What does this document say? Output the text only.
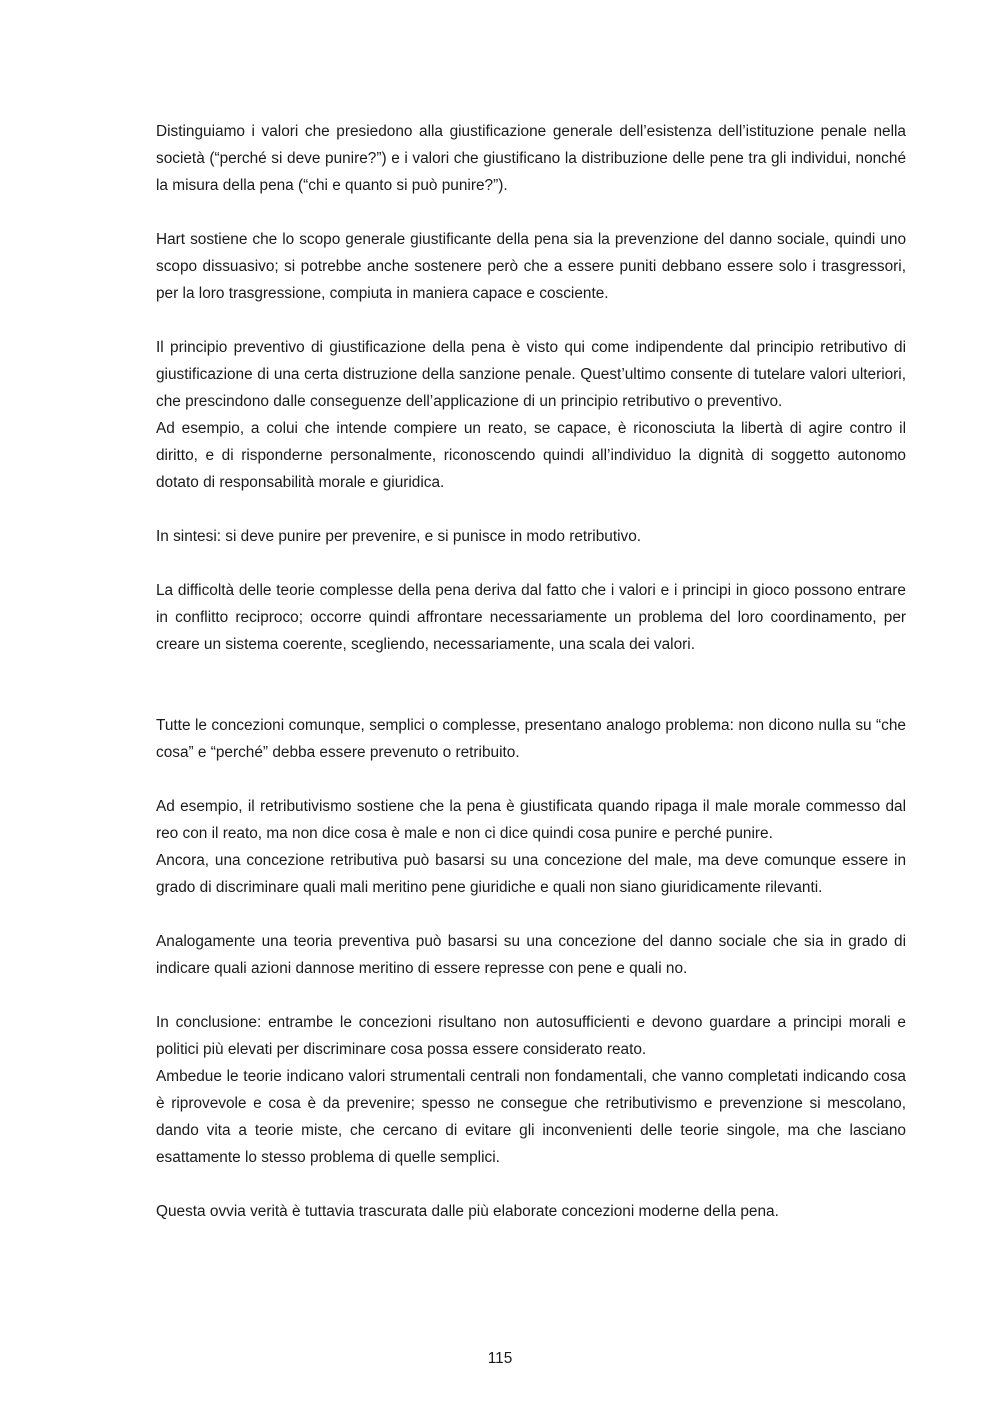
Distinguiamo i valori che presiedono alla giustificazione generale dell’esistenza dell’istituzione penale nella società (“perché si deve punire?”) e i valori che giustificano la distribuzione delle pene tra gli individui, nonché la misura della pena (“chi e quanto si può punire?”).

Hart sostiene che lo scopo generale giustificante della pena sia la prevenzione del danno sociale, quindi uno scopo dissuasivo; si potrebbe anche sostenere però che a essere puniti debbano essere solo i trasgressori, per la loro trasgressione, compiuta in maniera capace e cosciente.

Il principio preventivo di giustificazione della pena è visto qui come indipendente dal principio retributivo di giustificazione di una certa distruzione della sanzione penale. Quest’ultimo consente di tutelare valori ulteriori, che prescindono dalle conseguenze dell’applicazione di un principio retributivo o preventivo.

Ad esempio, a colui che intende compiere un reato, se capace, è riconosciuta la libertà di agire contro il diritto, e di risponderne personalmente, riconoscendo quindi all’individuo la dignità di soggetto autonomo dotato di responsabilità morale e giuridica.

In sintesi: si deve punire per prevenire, e si punisce in modo retributivo.

La difficoltà delle teorie complesse della pena deriva dal fatto che i valori e i principi in gioco possono entrare in conflitto reciproco; occorre quindi affrontare necessariamente un problema del loro coordinamento, per creare un sistema coerente, scegliendo, necessariamente, una scala dei valori.

Tutte le concezioni comunque, semplici o complesse, presentano analogo problema: non dicono nulla su “che cosa” e “perché” debba essere prevenuto o retribuito.

Ad esempio, il retributivismo sostiene che la pena è giustificata quando ripaga il male morale commesso dal reo con il reato, ma non dice cosa è male e non ci dice quindi cosa punire e perché punire.

Ancora, una concezione retributiva può basarsi su una concezione del male, ma deve comunque essere in grado di discriminare quali mali meritino pene giuridiche e quali non siano giuridicamente rilevanti.

Analogamente una teoria preventiva può basarsi su una concezione del danno sociale che sia in grado di indicare quali azioni dannose meritino di essere represse con pene e quali no.

In conclusione: entrambe le concezioni risultano non autosufficienti e devono guardare a principi morali e politici più elevati per discriminare cosa possa essere considerato reato.

Ambedue le teorie indicano valori strumentali centrali non fondamentali, che vanno completati indicando cosa è riprovevole e cosa è da prevenire; spesso ne consegue che retributivismo e prevenzione si mescolano, dando vita a teorie miste, che cercano di evitare gli inconvenienti delle teorie singole, ma che lasciano esattamente lo stesso problema di quelle semplici.

Questa ovvia verità è tuttavia trascurata dalle più elaborate concezioni moderne della pena.

115
